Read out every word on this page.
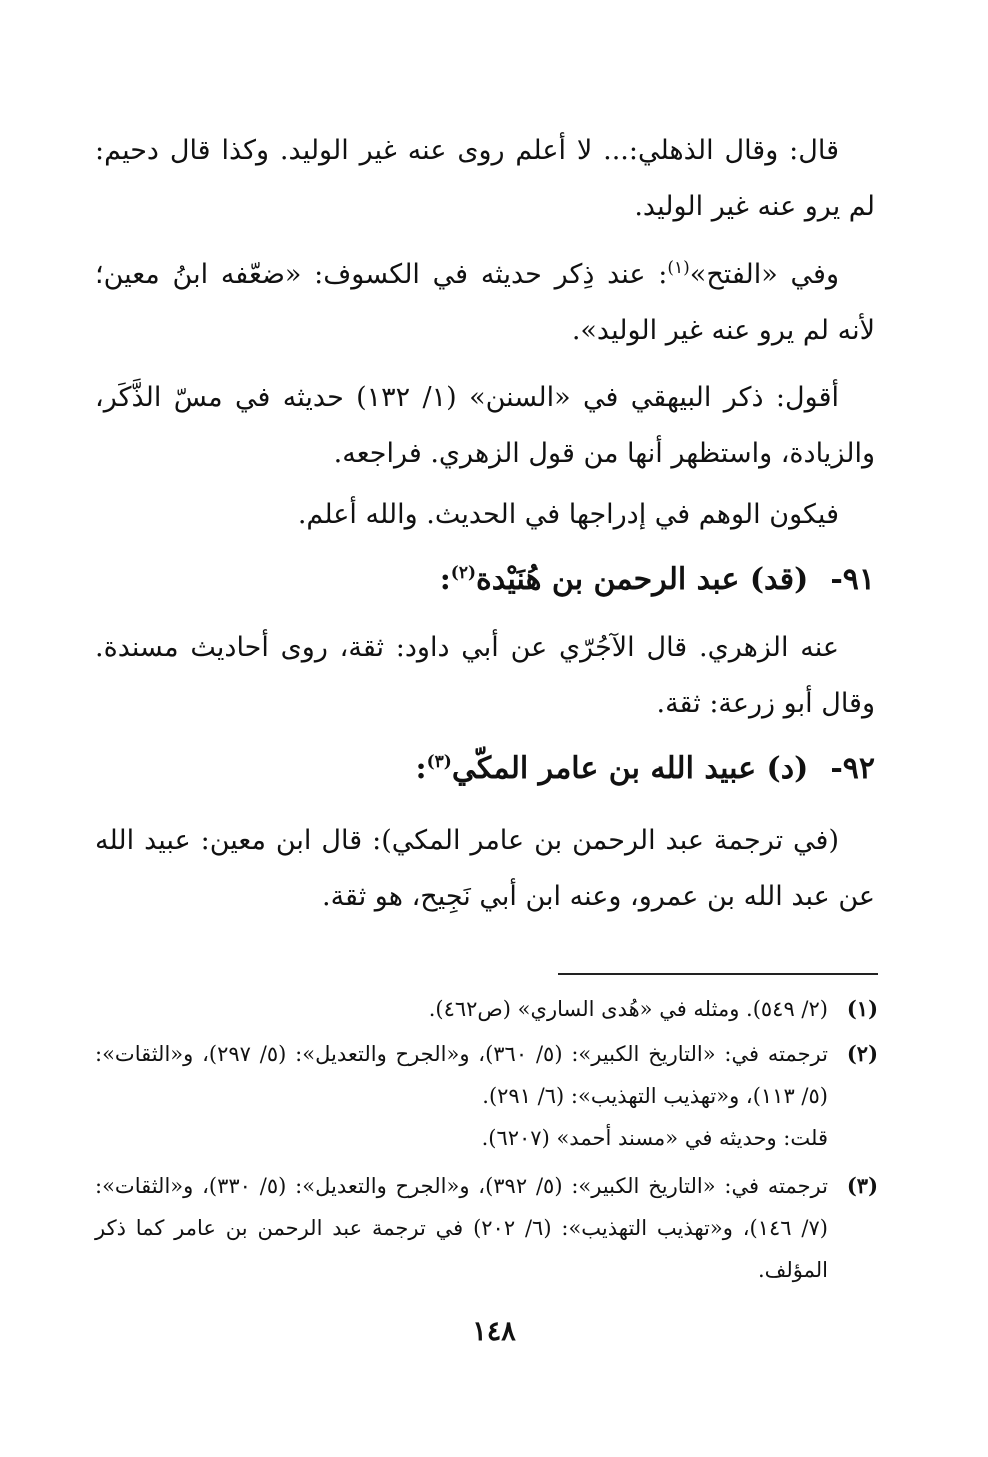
قال: وقال الذهلي:... لا أعلم روى عنه غير الوليد. وكذا قال دحيم: لم يرو عنه غير الوليد.

وفي «الفتح»$^{(١)}$: عند ذِكر حديثه في الكسوف: «ضعّفه ابنُ معين؛ لأنه لم يرو عنه غير الوليد».

أقول: ذكر البيهقي في «السنن» (١/ ١٣٢) حديثه في مسّ الذَّكَر، والزيادة، واستظهر أنها من قول الزهري. فراجعه.

فيكون الوهم في إدراجها في الحديث. والله أعلم.

٩١-(قد) عبد الرحمن بن هُنَيْدة$^{(٢)}$:

عنه الزهري. قال الآجُرّي عن أبي داود: ثقة، روى أحاديث مسندة. وقال أبو زرعة: ثقة.

٩٢-(د) عبيد الله بن عامر المكّي$^{(٣)}$:

(في ترجمة عبد الرحمن بن عامر المكي): قال ابن معين: عبيد الله عن عبد الله بن عمرو، وعنه ابن أبي نَجِيح، هو ثقة.

(١)

(٢/ ٥٤٩). ومثله في «هُدى الساري» (ص٤٦٢).

(٢)

ترجمته في: «التاريخ الكبير»: (٥/ ٣٦٠)، و«الجرح والتعديل»: (٥/ ٢٩٧)، و«الثقات»: (٥/ ١١٣)، و«تهذيب التهذيب»: (٦/ ٢٩١).

قلت: وحديثه في «مسند أحمد» (٦٢٠٧).

(٣)

ترجمته في: «التاريخ الكبير»: (٥/ ٣٩٢)، و«الجرح والتعديل»: (٥/ ٣٣٠)، و«الثقات»: (٧/ ١٤٦)، و«تهذيب التهذيب»: (٦/ ٢٠٢) في ترجمة عبد الرحمن بن عامر كما ذكر المؤلف.

١٤٨
